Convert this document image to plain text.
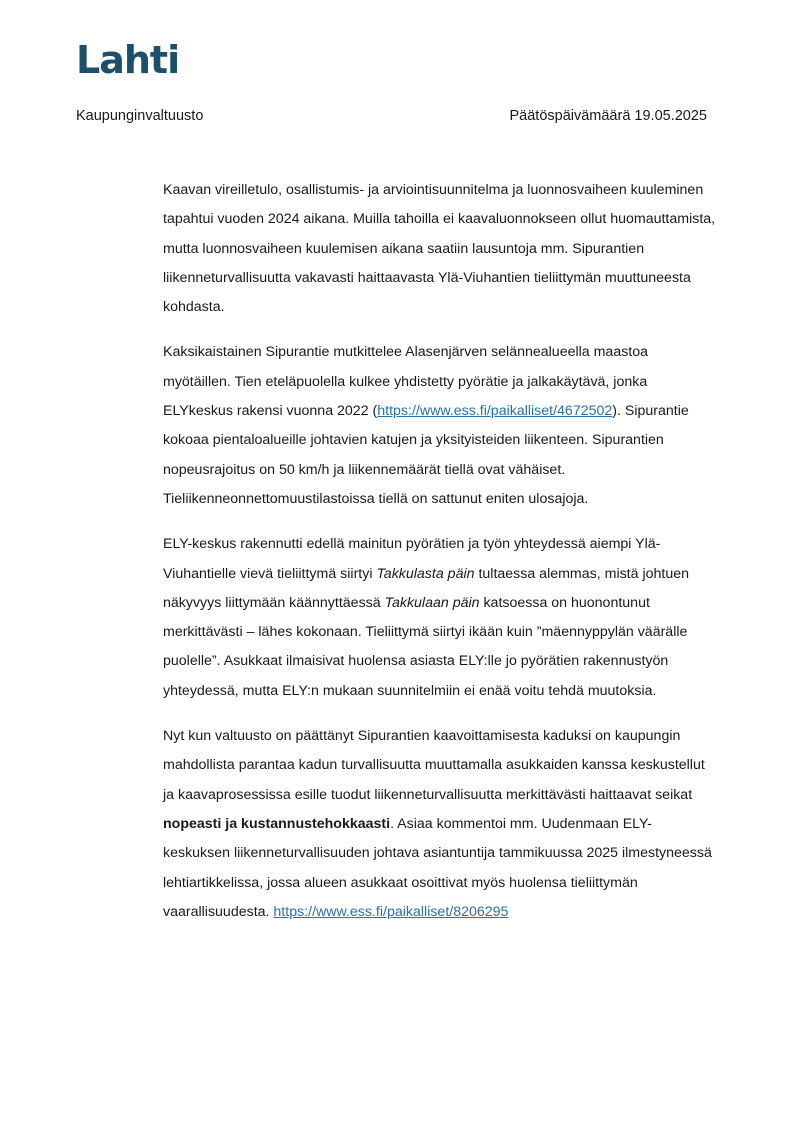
Lahti
Kaupunginvaltuusto	Päätöspäivämäärä 19.05.2025

Kaavan vireilletulo, osallistumis- ja arviointisuunnitelma ja luonnosvaiheen kuuleminen tapahtui vuoden 2024 aikana. Muilla tahoilla ei kaavaluonnokseen ollut huomauttamista, mutta luonnosvaiheen kuulemisen aikana saatiin lausuntoja mm. Sipurantien liikenneturvallisuutta vakavasti haittaavasta Ylä-Viuhantien tieliittymän muuttuneesta kohdasta.

Kaksikaistainen Sipurantie mutkittelee Alasenjärven selännealueella maastoa myötäillen. Tien eteläpuolella kulkee yhdistetty pyörätie ja jalkakäytävä, jonka ELYkeskus rakensi vuonna 2022 (https://www.ess.fi/paikalliset/4672502). Sipurantie kokoaa pientaloalueille johtavien katujen ja yksityisteiden liikenteen. Sipurantien nopeusrajoitus on 50 km/h ja liikennemäärät tiellä ovat vähäiset. Tieliikenneonnettomuustilastoissa tiellä on sattunut eniten ulosajoja.

ELY-keskus rakennutti edellä mainitun pyörätien ja työn yhteydessä aiempi Ylä-Viuhantielle vievä tieliittymä siirtyi Takkulasta päin tultaessa alemmas, mistä johtuen näkyvyys liittymään käännyttäessä Takkulaan päin katsoessa on huonontunut merkittävästi – lähes kokonaan. Tieliittymä siirtyi ikään kuin ”mäennyppylän väärälle puolelle”. Asukkaat ilmaisivat huolensa asiasta ELY:lle jo pyörätien rakennustyön yhteydessä, mutta ELY:n mukaan suunnitelmiin ei enää voitu tehdä muutoksia.

Nyt kun valtuusto on päättänyt Sipurantien kaavoittamisesta kaduksi on kaupungin mahdollista parantaa kadun turvallisuutta muuttamalla asukkaiden kanssa keskustellut ja kaavaprosessissa esille tuodut liikenneturvallisuutta merkittävästi haittaavat seikat nopeasti ja kustannustehokkaasti. Asiaa kommentoi mm. Uudenmaan ELY-keskuksen liikenneturvallisuuden johtava asiantuntija tammikuussa 2025 ilmestyneessä lehtiartikkelissa, jossa alueen asukkaat osoittivat myös huolensa tieliittymän vaarallisuudesta. https://www.ess.fi/paikalliset/8206295
